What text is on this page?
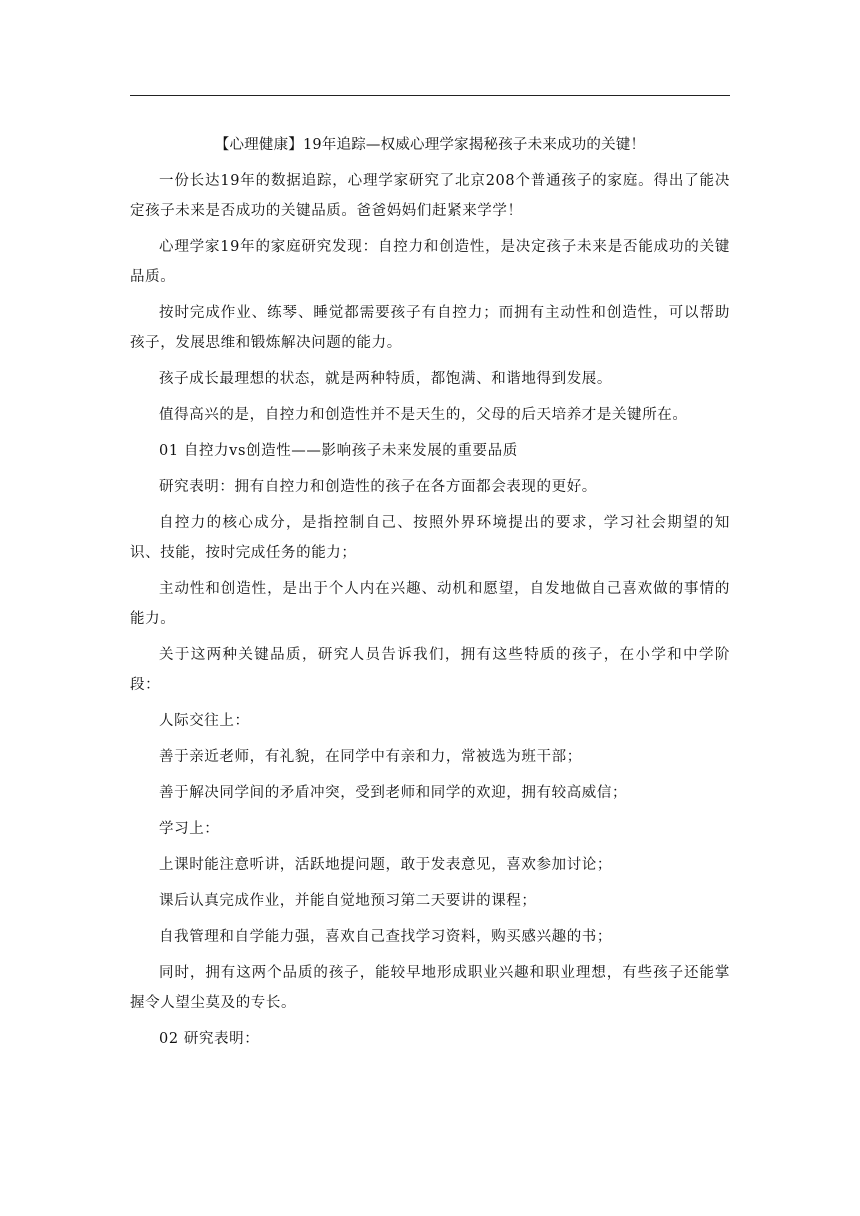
【心理健康】19年追踪—权威心理学家揭秘孩子未来成功的关键！

一份长达19年的数据追踪，心理学家研究了北京208个普通孩子的家庭。得出了能决定孩子未来是否成功的关键品质。爸爸妈妈们赶紧来学学！

心理学家19年的家庭研究发现：自控力和创造性，是决定孩子未来是否能成功的关键品质。

按时完成作业、练琴、睡觉都需要孩子有自控力；而拥有主动性和创造性，可以帮助孩子，发展思维和锻炼解决问题的能力。

孩子成长最理想的状态，就是两种特质，都饱满、和谐地得到发展。

值得高兴的是，自控力和创造性并不是天生的，父母的后天培养才是关键所在。

01 自控力vs创造性——影响孩子未来发展的重要品质

研究表明：拥有自控力和创造性的孩子在各方面都会表现的更好。

自控力的核心成分，是指控制自己、按照外界环境提出的要求，学习社会期望的知识、技能，按时完成任务的能力；

主动性和创造性，是出于个人内在兴趣、动机和愿望，自发地做自己喜欢做的事情的能力。

关于这两种关键品质，研究人员告诉我们，拥有这些特质的孩子，在小学和中学阶段：

人际交往上：

善于亲近老师，有礼貌，在同学中有亲和力，常被选为班干部；

善于解决同学间的矛盾冲突，受到老师和同学的欢迎，拥有较高威信；

学习上：

上课时能注意听讲，活跃地提问题，敢于发表意见，喜欢参加讨论；

课后认真完成作业，并能自觉地预习第二天要讲的课程；

自我管理和自学能力强，喜欢自己查找学习资料，购买感兴趣的书；

同时，拥有这两个品质的孩子，能较早地形成职业兴趣和职业理想，有些孩子还能掌握令人望尘莫及的专长。

02 研究表明：
